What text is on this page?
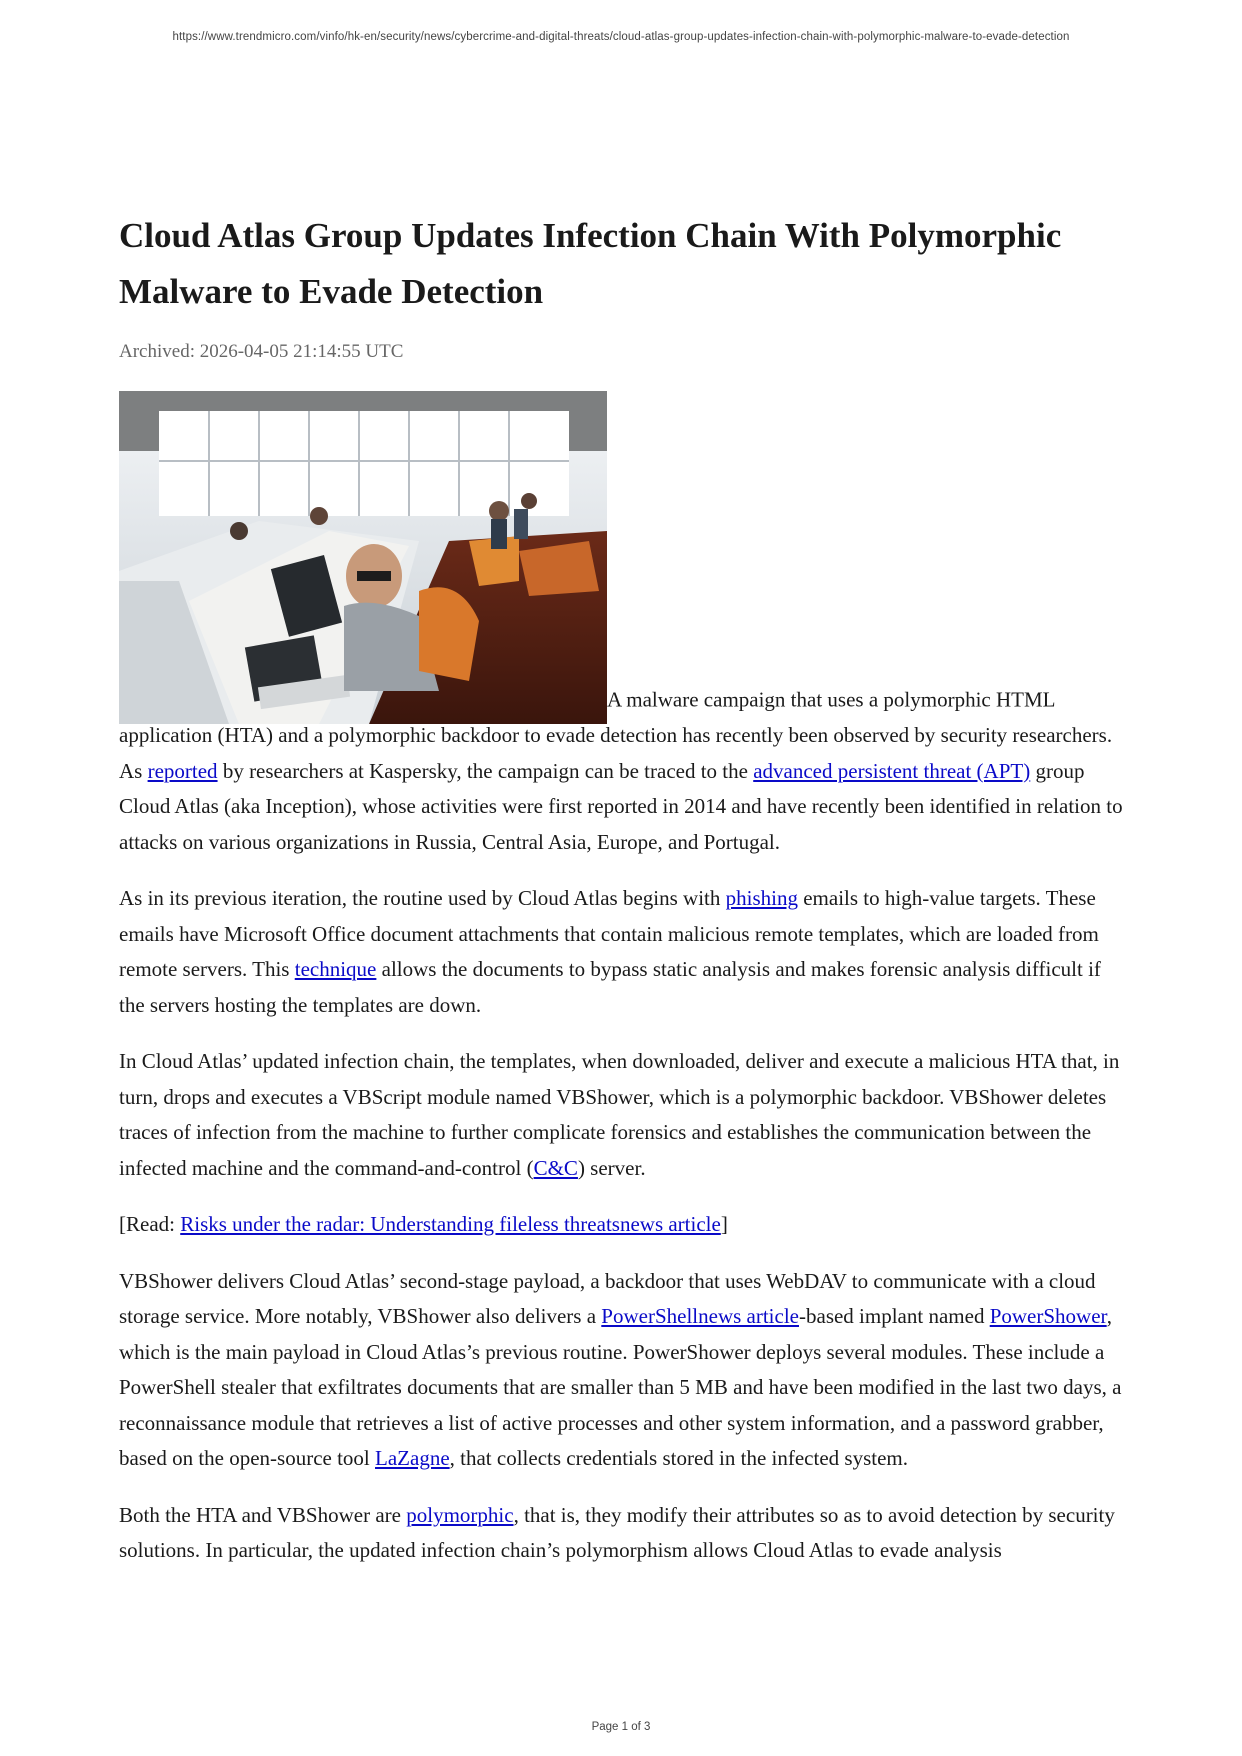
https://www.trendmicro.com/vinfo/hk-en/security/news/cybercrime-and-digital-threats/cloud-atlas-group-updates-infection-chain-with-polymorphic-malware-to-evade-detection
Cloud Atlas Group Updates Infection Chain With Polymorphic Malware to Evade Detection
Archived: 2026-04-05 21:14:55 UTC

A malware campaign that uses a polymorphic HTML application (HTA) and a polymorphic backdoor to evade detection has recently been observed by security researchers. As reported by researchers at Kaspersky, the campaign can be traced to the advanced persistent threat (APT) group Cloud Atlas (aka Inception), whose activities were first reported in 2014 and have recently been identified in relation to attacks on various organizations in Russia, Central Asia, Europe, and Portugal.

As in its previous iteration, the routine used by Cloud Atlas begins with phishing emails to high-value targets. These emails have Microsoft Office document attachments that contain malicious remote templates, which are loaded from remote servers. This technique allows the documents to bypass static analysis and makes forensic analysis difficult if the servers hosting the templates are down.

In Cloud Atlas’ updated infection chain, the templates, when downloaded, deliver and execute a malicious HTA that, in turn, drops and executes a VBScript module named VBShower, which is a polymorphic backdoor. VBShower deletes traces of infection from the machine to further complicate forensics and establishes the communication between the infected machine and the command-and-control (C&C) server.

[Read: Risks under the radar: Understanding fileless threatsnews article]

VBShower delivers Cloud Atlas’ second-stage payload, a backdoor that uses WebDAV to communicate with a cloud storage service. More notably, VBShower also delivers a PowerShellnews article-based implant named PowerShower, which is the main payload in Cloud Atlas’s previous routine. PowerShower deploys several modules. These include a PowerShell stealer that exfiltrates documents that are smaller than 5 MB and have been modified in the last two days, a reconnaissance module that retrieves a list of active processes and other system information, and a password grabber, based on the open-source tool LaZagne, that collects credentials stored in the infected system.

Both the HTA and VBShower are polymorphic, that is, they modify their attributes so as to avoid detection by security solutions. In particular, the updated infection chain’s polymorphism allows Cloud Atlas to evade analysis

Page 1 of 3
